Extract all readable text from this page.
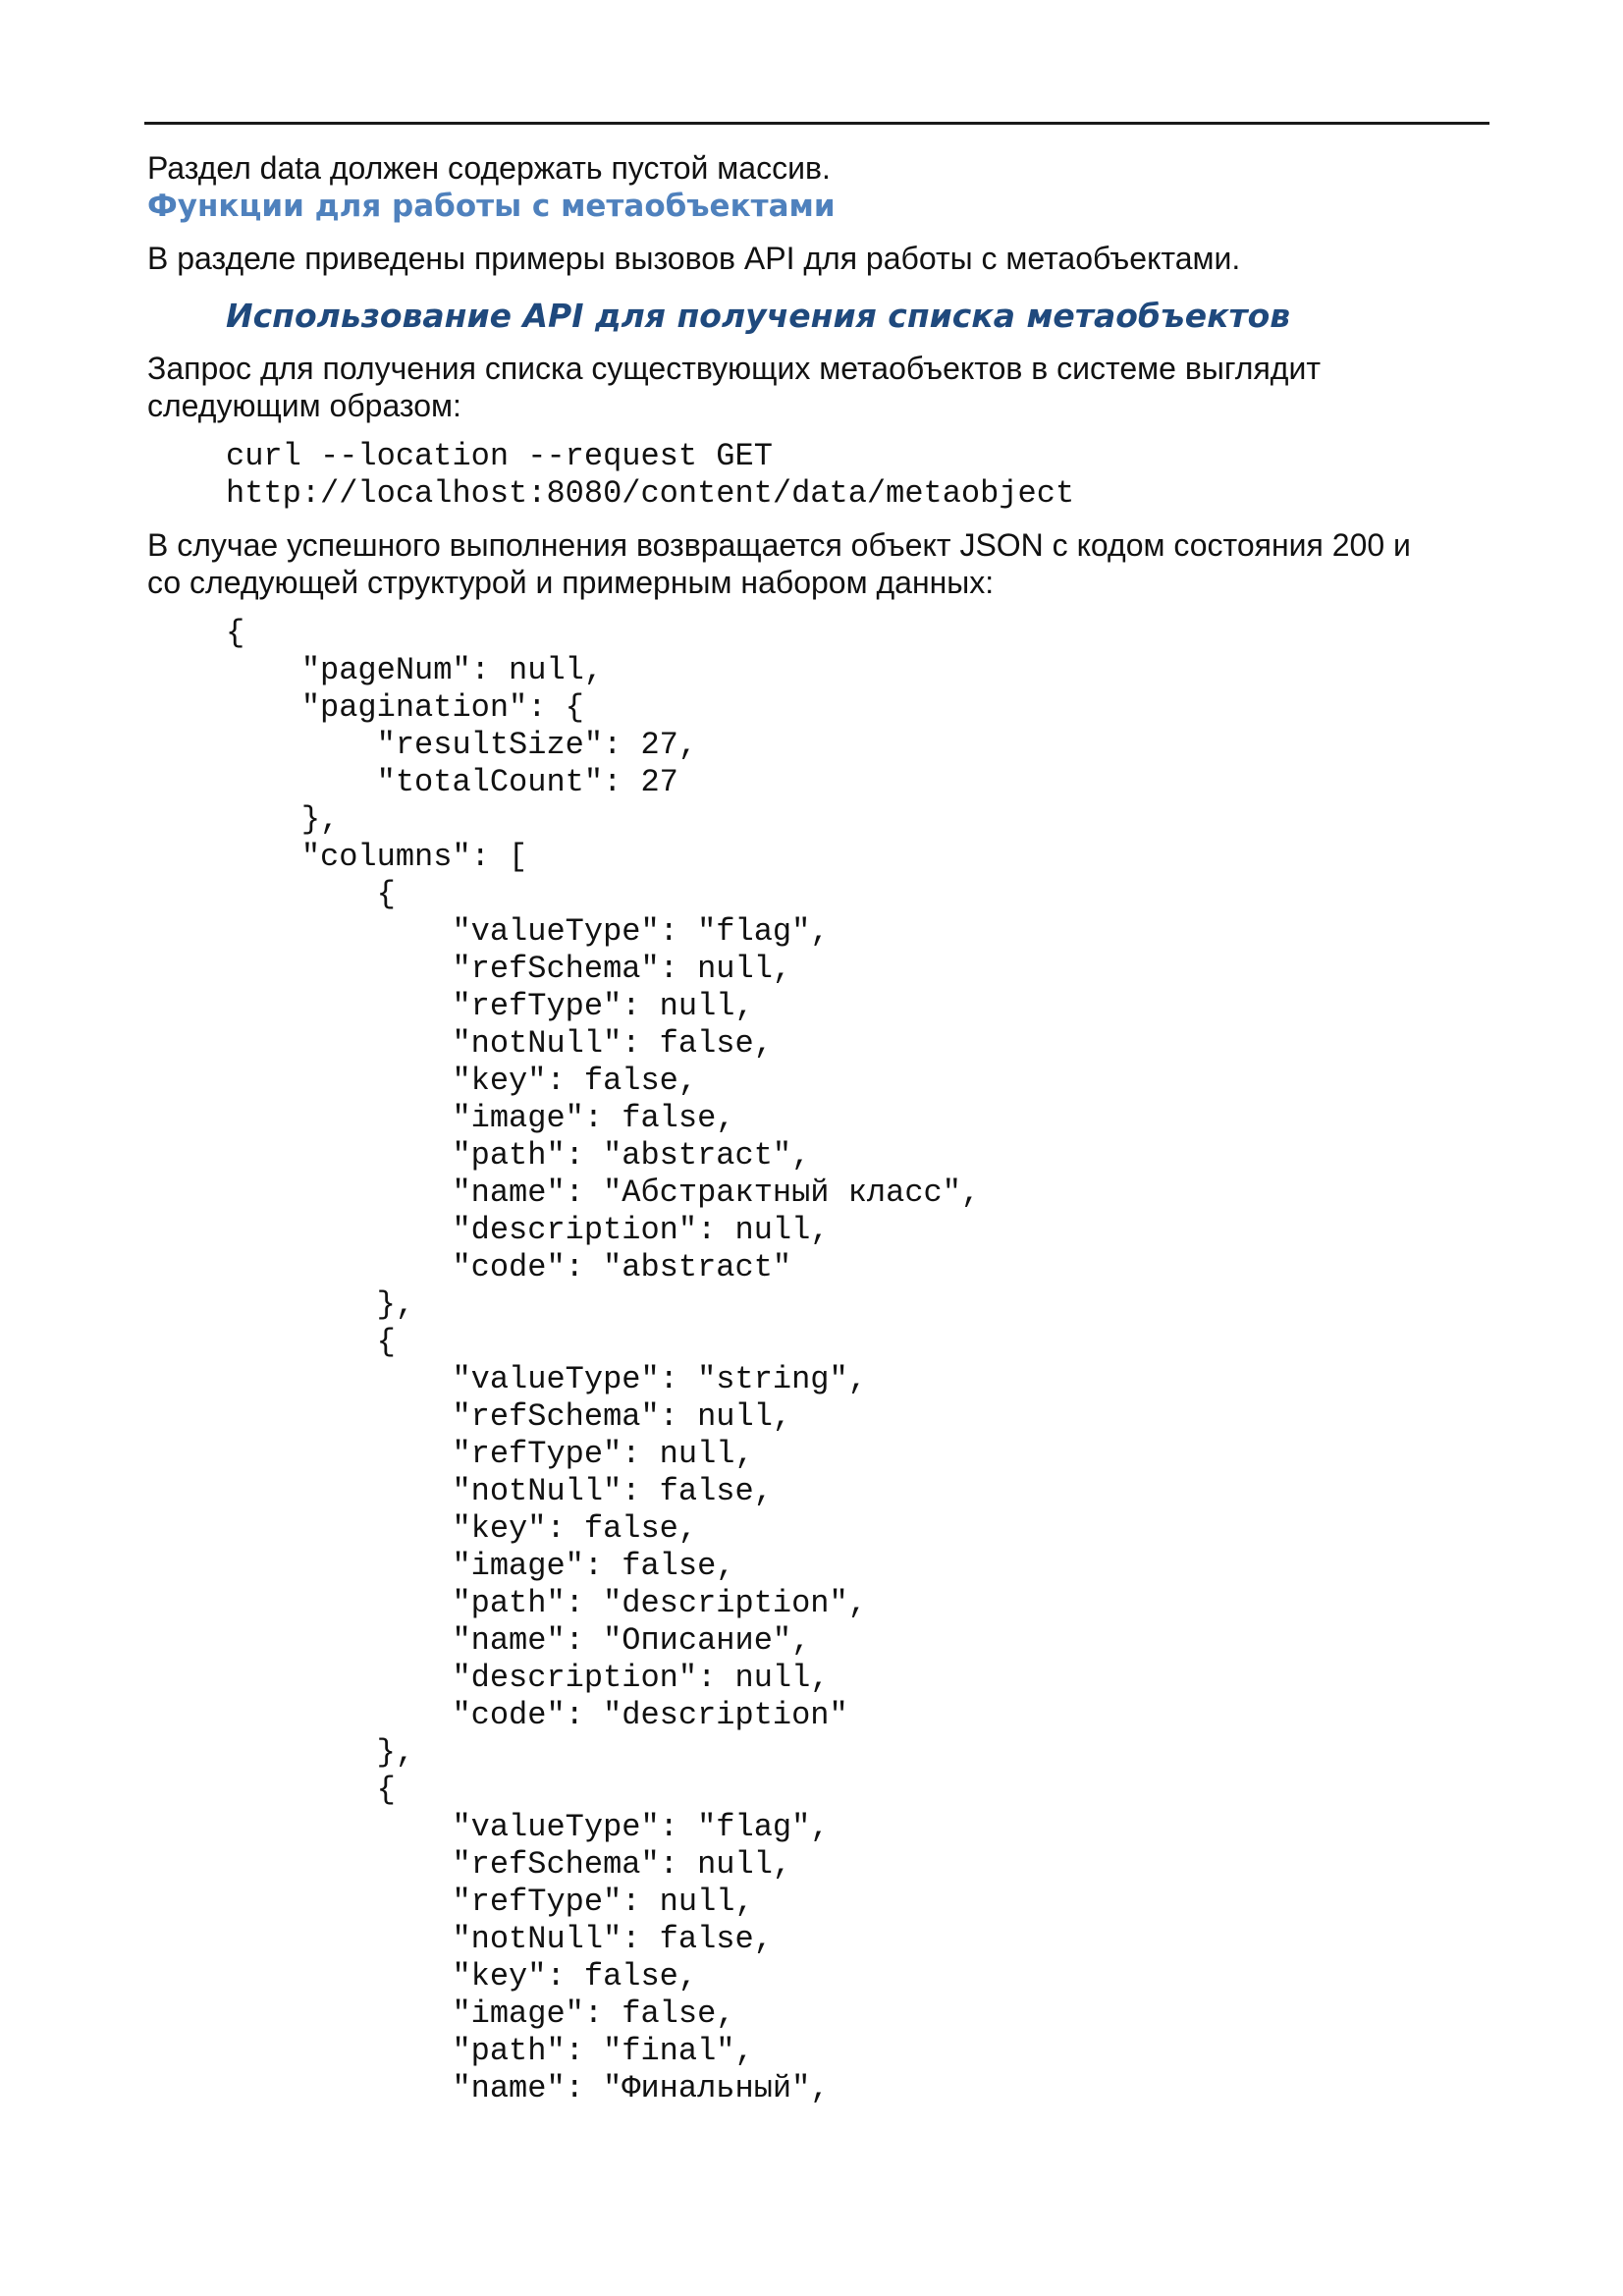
Раздел data должен содержать пустой массив.

Функции для работы с метаобъектами

В разделе приведены примеры вызовов API для работы с метаобъектами.

Использование API для получения списка метаобъектов

Запрос для получения списка существующих метаобъектов в системе выглядит
следующим образом:

curl --location --request GET
http://localhost:8080/content/data/metaobject

В случае успешного выполнения возвращается объект JSON с кодом состояния 200 и
со следующей структурой и примерным набором данных:

{
"pageNum": null,
"pagination": {
"resultSize": 27,
"totalCount": 27
},
"columns": [
{
"valueType": "flag",
"refSchema": null,
"refType": null,
"notNull": false,
"key": false,
"image": false,
"path": "abstract",
"name": "Абстрактный класс",
"description": null,
"code": "abstract"
},
{
"valueType": "string",
"refSchema": null,
"refType": null,
"notNull": false,
"key": false,
"image": false,
"path": "description",
"name": "Описание",
"description": null,
"code": "description"
},
{
"valueType": "flag",
"refSchema": null,
"refType": null,
"notNull": false,
"key": false,
"image": false,
"path": "final",
"name": "Финальный",
